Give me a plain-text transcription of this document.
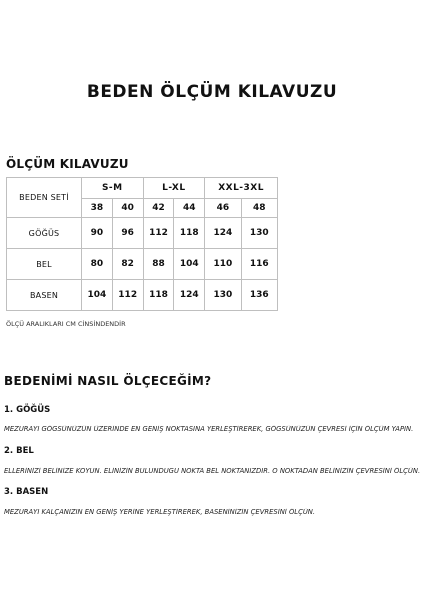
BEDEN ÖLÇÜM KILAVUZU
ÖLÇÜM KILAVUZU
BEDEN SETİ	S-M		L-XL		XXL-3XL	
	38	40	42	44	46	48
GÖĞÜS	90	96	112	118	124	130
BEL	80	82	88	104	110	116
BASEN	104	112	118	124	130	136
ÖLÇÜ ARALIKLARI CM CİNSİNDENDİR
BEDENİMİ NASIL ÖLÇECEĞİM?
1. GÖĞÜS
MEZURAYI GÖĞSÜNÜZÜN ÜZERİNDE EN GENİŞ NOKTASINA YERLEŞTİREREK, GÖĞSÜNÜZÜN ÇEVRESİ İÇİN ÖLÇÜM YAPIN.
2. BEL
ELLERİNİZİ BELİNİZE KOYUN. ELİNİZİN BULUNDUĞU NOKTA BEL NOKTANIZDIR. O NOKTADAN BELİNİZİN ÇEVRESİNİ ÖLÇÜN.
3. BASEN
MEZURAYI KALÇANIZIN EN GENİŞ YERİNE YERLEŞTİREREK, BASENİNİZİN ÇEVRESİNİ ÖLÇÜN.
